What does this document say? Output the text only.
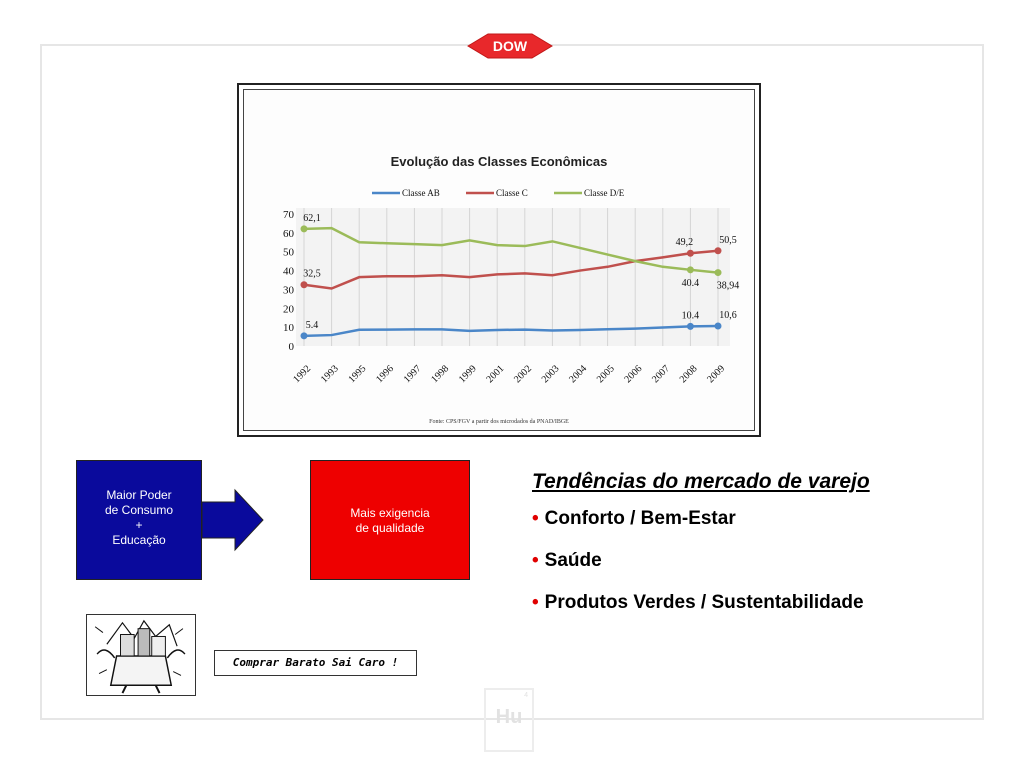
DOW
Evolução das Classes Econômicas
Classe AB	Classe C	Classe D/E
0
10
20
30
40
50
60
70
1992 1993 1995 1996 1997 1998 1999 2001 2002 2003 2004 2005 2006 2007 2008 2009
5.4
32,5
62,1
49,2	50,5
40.4 38,94
10.4 10,6
Fonte: CPS/FGV a partir dos microdados da PNAD/IBGE
Maior Poder
de Consumo
+
Educação
Mais exigencia
de qualidade
Tendências do mercado de varejo
• Conforto / Bem-Estar
• Saúde
• Produtos Verdes / Sustentabilidade
Comprar Barato Sai Caro !
4
Hu
